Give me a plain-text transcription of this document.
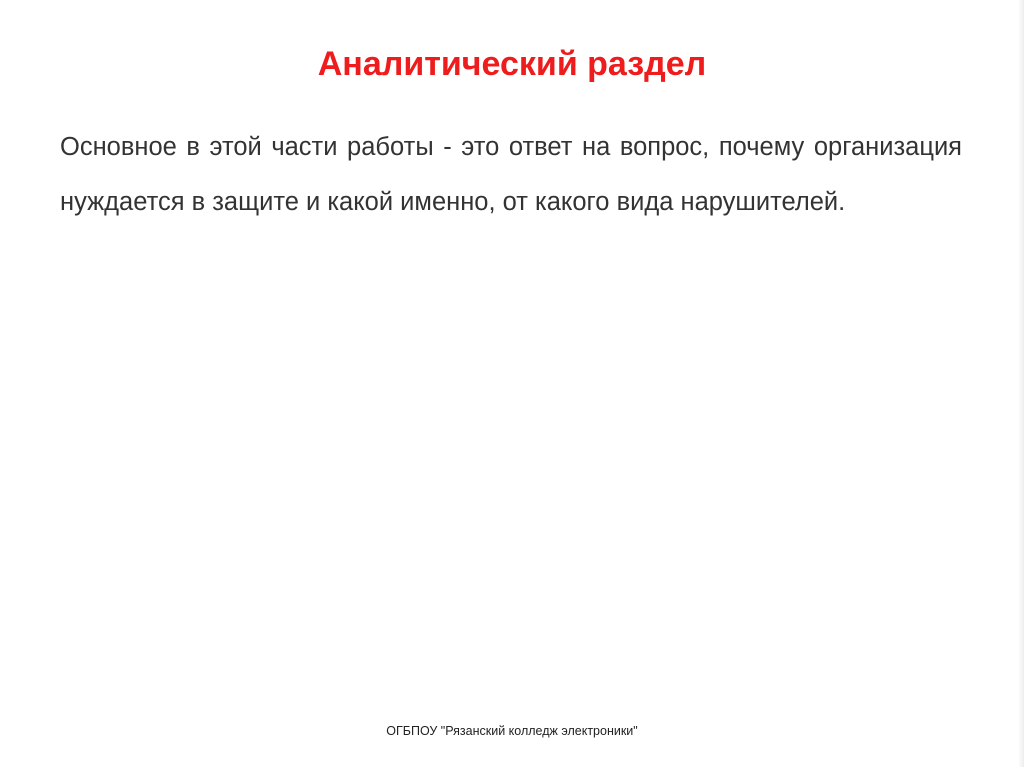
Аналитический раздел

Основное в этой части работы - это ответ на вопрос, почему организация нуждается в защите и какой именно, от какого вида нарушителей.

ОГБПОУ "Рязанский колледж электроники"
